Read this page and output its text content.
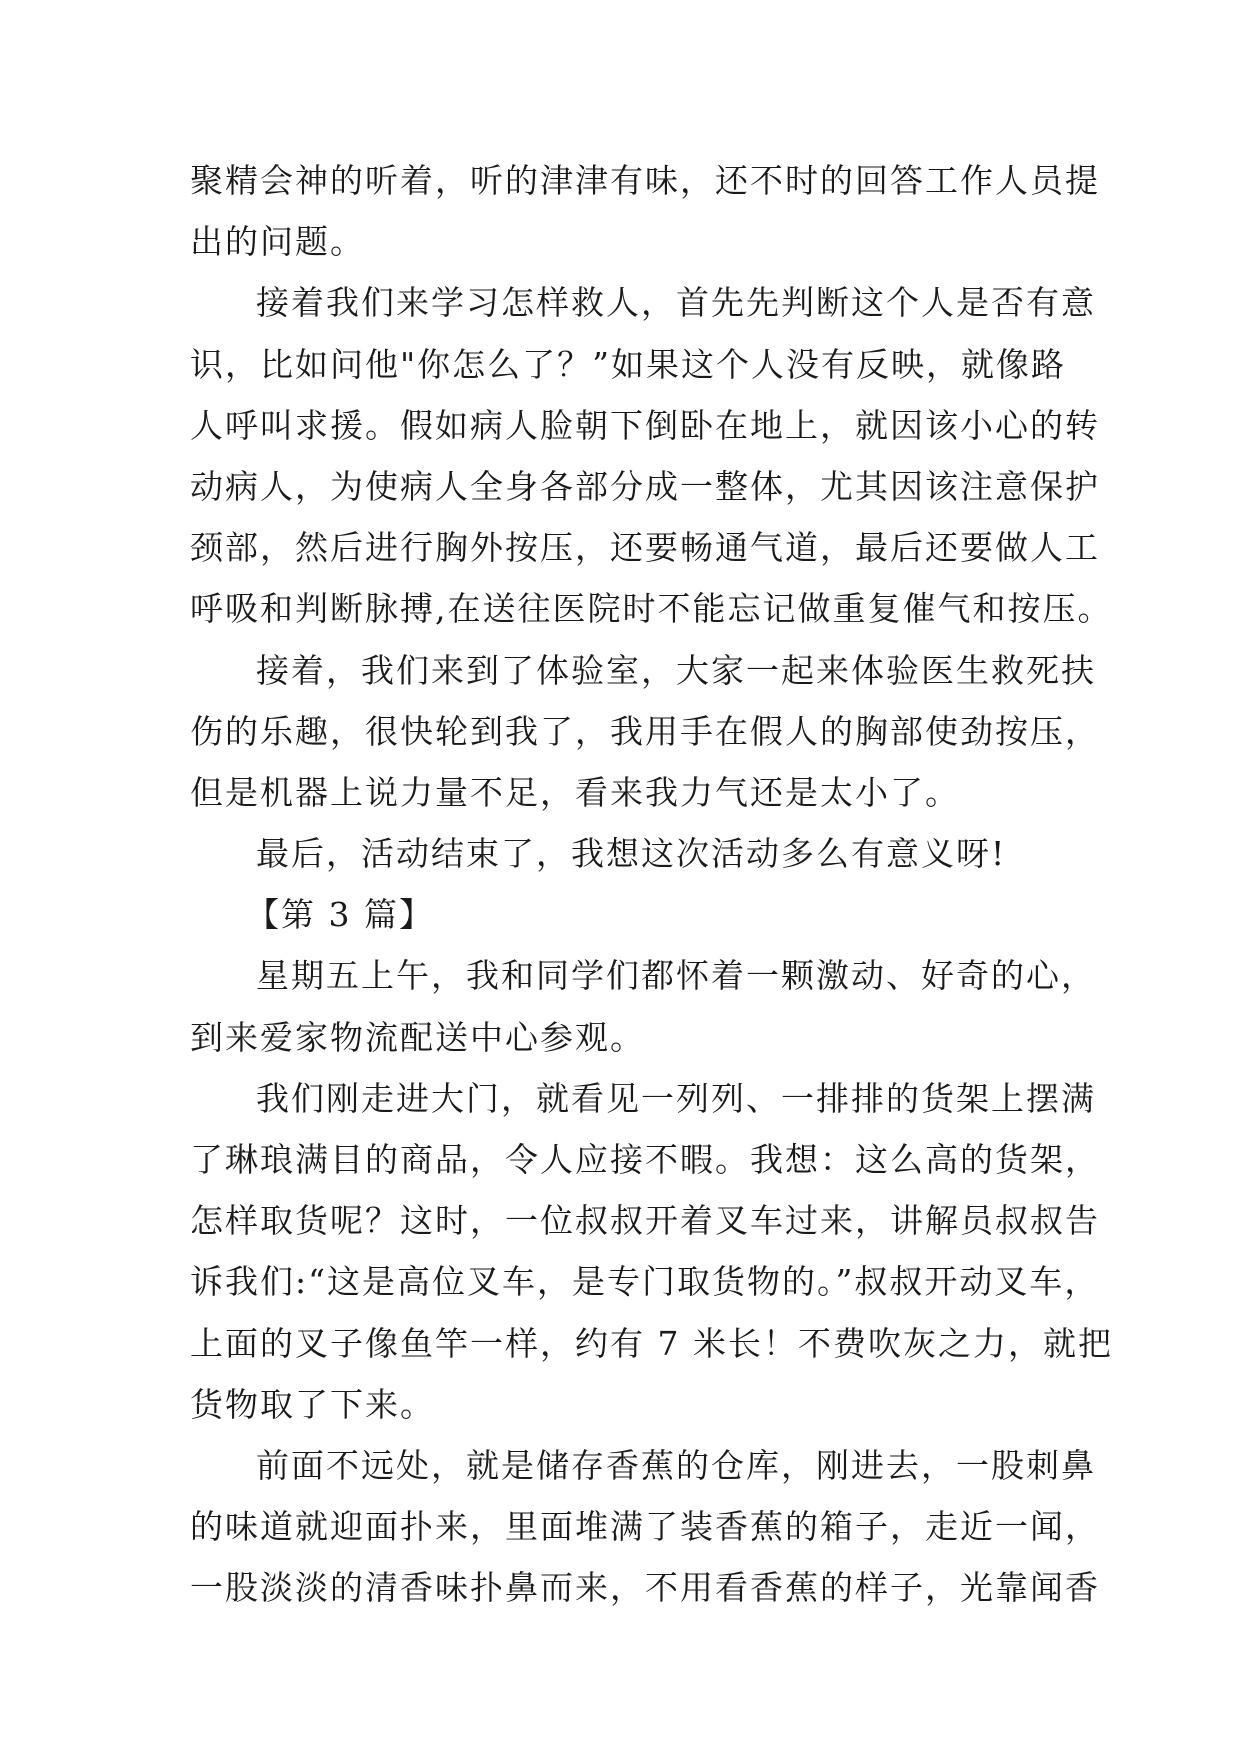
聚精会神的听着，听的津津有味，还不时的回答工作人员提
出的问题。
接着我们来学习怎样救人，首先先判断这个人是否有意
识，比如问他"你怎么了？”如果这个人没有反映，就像路
人呼叫求援。假如病人脸朝下倒卧在地上，就因该小心的转
动病人，为使病人全身各部分成一整体，尤其因该注意保护
颈部，然后进行胸外按压，还要畅通气道，最后还要做人工
呼吸和判断脉搏,在送往医院时不能忘记做重复催气和按压。
接着，我们来到了体验室，大家一起来体验医生救死扶
伤的乐趣，很快轮到我了，我用手在假人的胸部使劲按压，
但是机器上说力量不足，看来我力气还是太小了。
最后，活动结束了，我想这次活动多么有意义呀!
【第 3 篇】
星期五上午，我和同学们都怀着一颗激动、好奇的心，
到来爱家物流配送中心参观。
我们刚走进大门，就看见一列列、一排排的货架上摆满
了琳琅满目的商品，令人应接不暇。我想：这么高的货架，
怎样取货呢？这时，一位叔叔开着叉车过来，讲解员叔叔告
诉我们:“这是高位叉车，是专门取货物的。”叔叔开动叉车，
上面的叉子像鱼竿一样，约有 7 米长！不费吹灰之力，就把
货物取了下来。
前面不远处，就是储存香蕉的仓库，刚进去，一股刺鼻
的味道就迎面扑来，里面堆满了装香蕉的箱子，走近一闻，
一股淡淡的清香味扑鼻而来，不用看香蕉的样子，光靠闻香
